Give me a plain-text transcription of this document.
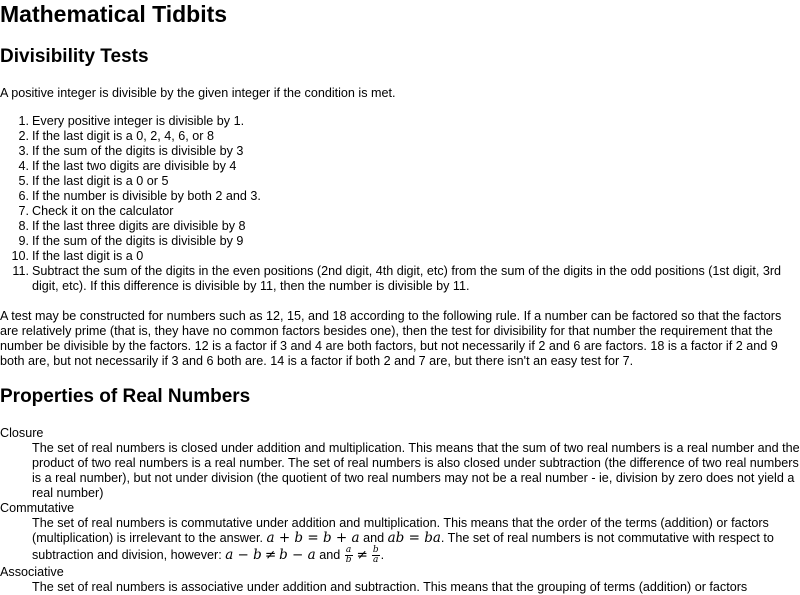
Mathematical Tidbits
Divisibility Tests

A positive integer is divisible by the given integer if the condition is met.

1. Every positive integer is divisible by 1.
2. If the last digit is a 0, 2, 4, 6, or 8
3. If the sum of the digits is divisible by 3
4. If the last two digits are divisible by 4
5. If the last digit is a 0 or 5
6. If the number is divisible by both 2 and 3.
7. Check it on the calculator
8. If the last three digits are divisible by 8
9. If the sum of the digits is divisible by 9
10. If the last digit is a 0
11. Subtract the sum of the digits in the even positions (2nd digit, 4th digit, etc) from the sum of the digits in the odd positions (1st digit, 3rd digit, etc). If this difference is divisible by 11, then the number is divisible by 11.

A test may be constructed for numbers such as 12, 15, and 18 according to the following rule. If a number can be factored so that the factors are relatively prime (that is, they have no common factors besides one), then the test for divisibility for that number the requirement that the number be divisible by the factors. 12 is a factor if 3 and 4 are both factors, but not necessarily if 2 and 6 are factors. 18 is a factor if 2 and 9 both are, but not necessarily if 3 and 6 both are. 14 is a factor if both 2 and 7 are, but there isn't an easy test for 7.

Properties of Real Numbers
Closure
The set of real numbers is closed under addition and multiplication. This means that the sum of two real numbers is a real number and the product of two real numbers is a real number. The set of real numbers is also closed under subtraction (the difference of two real numbers is a real number), but not under division (the quotient of two real numbers may not be a real number - ie, division by zero does not yield a real number)
Commutative
The set of real numbers is commutative under addition and multiplication. This means that the order of the terms (addition) or factors (multiplication) is irrelevant to the answer. a + b = b + a and ab = ba. The set of real numbers is not commutative with respect to subtraction and division, however: a − b ≠ b − a and $\frac{a}{b} \ne \frac{b}{a}$ .
Associative
The set of real numbers is associative under addition and subtraction. This means that the grouping of terms (addition) or factors
